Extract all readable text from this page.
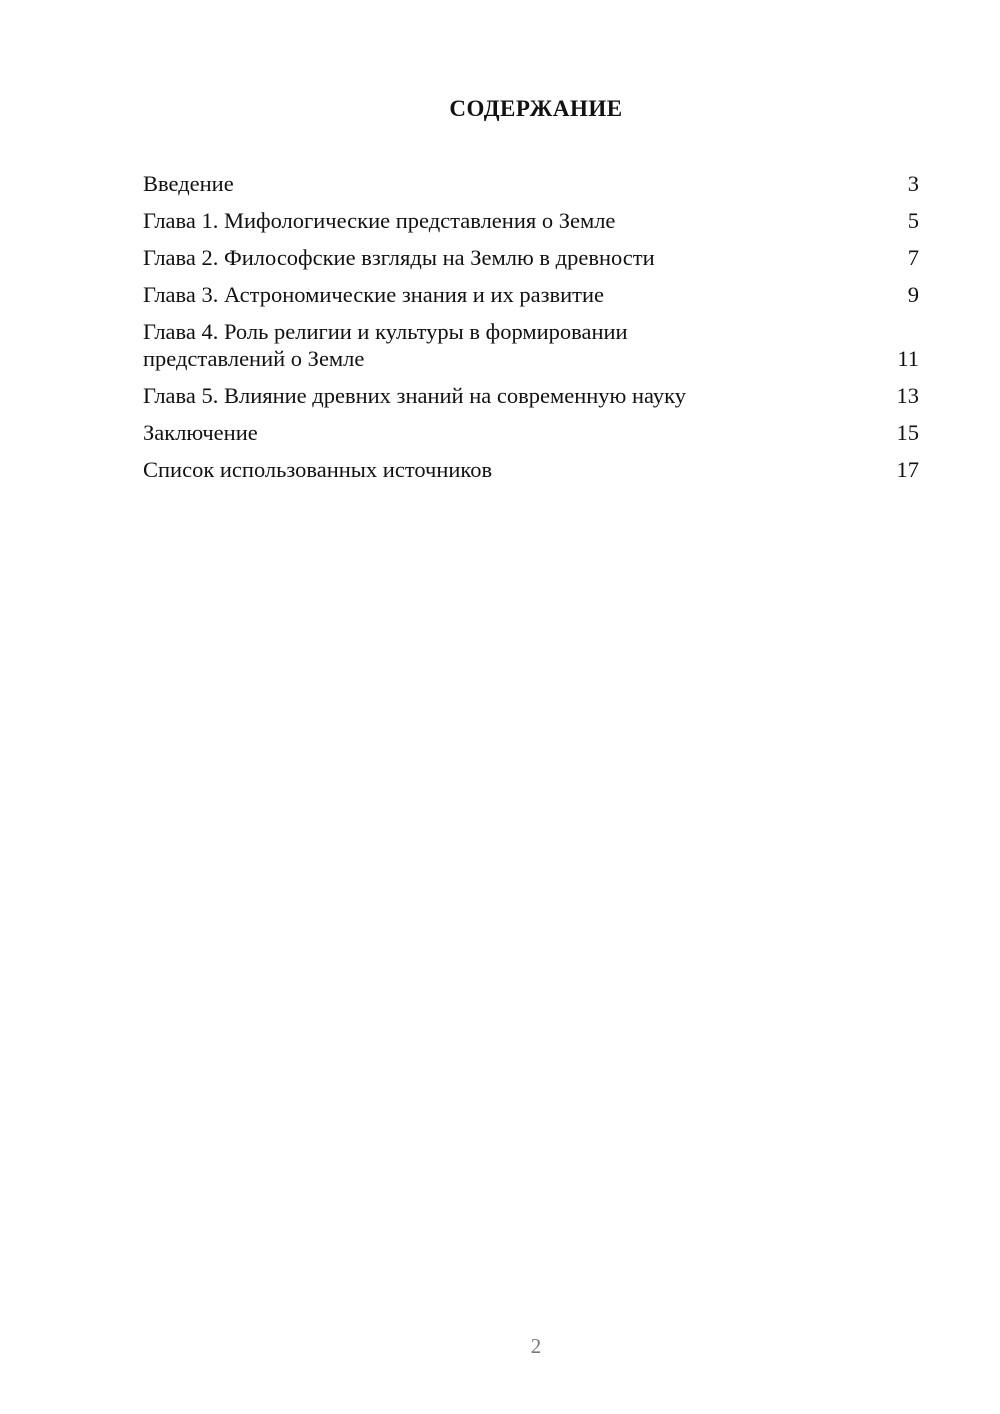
СОДЕРЖАНИЕ
Введение	3
Глава 1. Мифологические представления о Земле	5
Глава 2. Философские взгляды на Землю в древности	7
Глава 3. Астрономические знания и их развитие	9
Глава 4. Роль религии и культуры в формировании представлений о Земле	11
Глава 5. Влияние древних знаний на современную науку	13
Заключение	15
Список использованных источников	17

2
